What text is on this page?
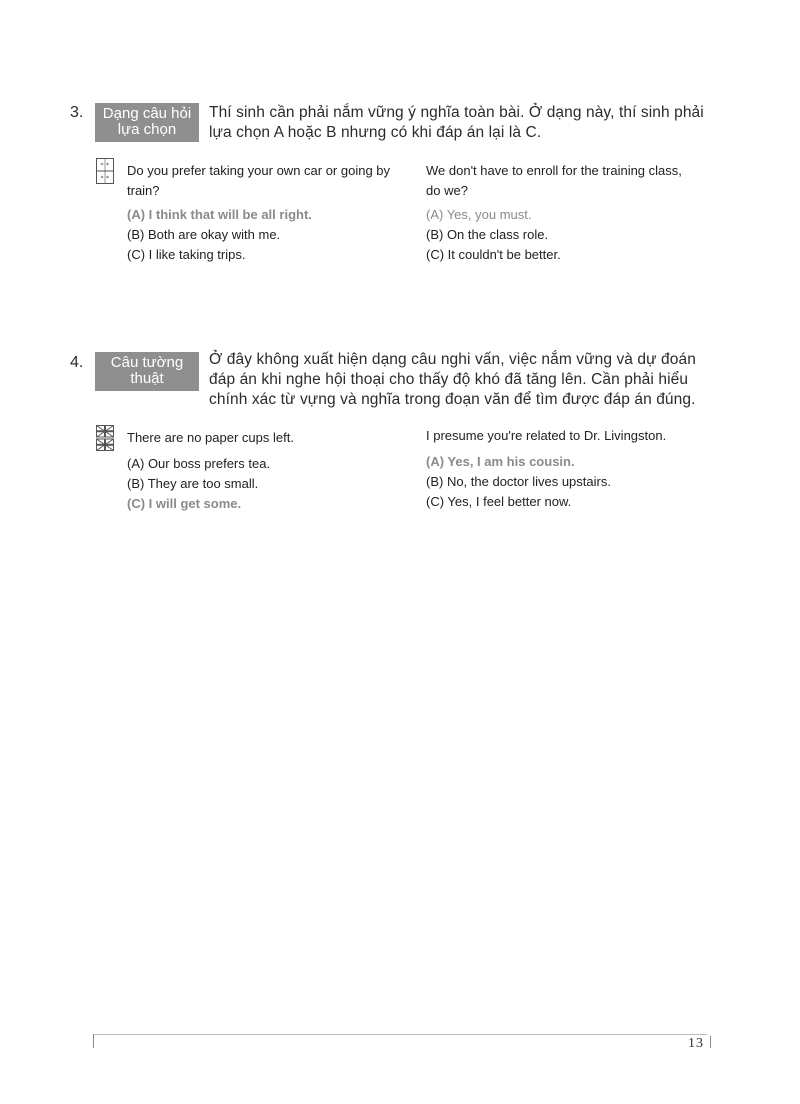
3.	Dạng câu hỏi
lựa chọn
Thí sinh cần phải nắm vững ý nghĩa toàn bài. Ở dạng này, thí sinh phải lựa chọn A hoặc B nhưng có khi đáp án lại là C.
* *
* *

Do you prefer taking your own car or going by train?

(A) I think that will be all right.

(B) Both are okay with me.

(C) I like taking trips.

We don't have to enroll for the training class, do we?

(A) Yes, you must.

(B) On the class role.

(C) It couldn't be better.

4.	Câu tường
thuật
Ở đây không xuất hiện dạng câu nghi vấn, việc nắm vững và dự đoán đáp án khi nghe hội thoại cho thấy độ khó đã tăng lên. Cần phải hiểu chính xác từ vựng và nghĩa trong đoạn văn để tìm được đáp án đúng.

There are no paper cups left.

(A) Our boss prefers tea.

(B) They are too small.

(C) I will get some.

I presume you're related to Dr. Livingston.

(A) Yes, I am his cousin.

(B) No, the doctor lives upstairs.

(C) Yes, I feel better now.

13
